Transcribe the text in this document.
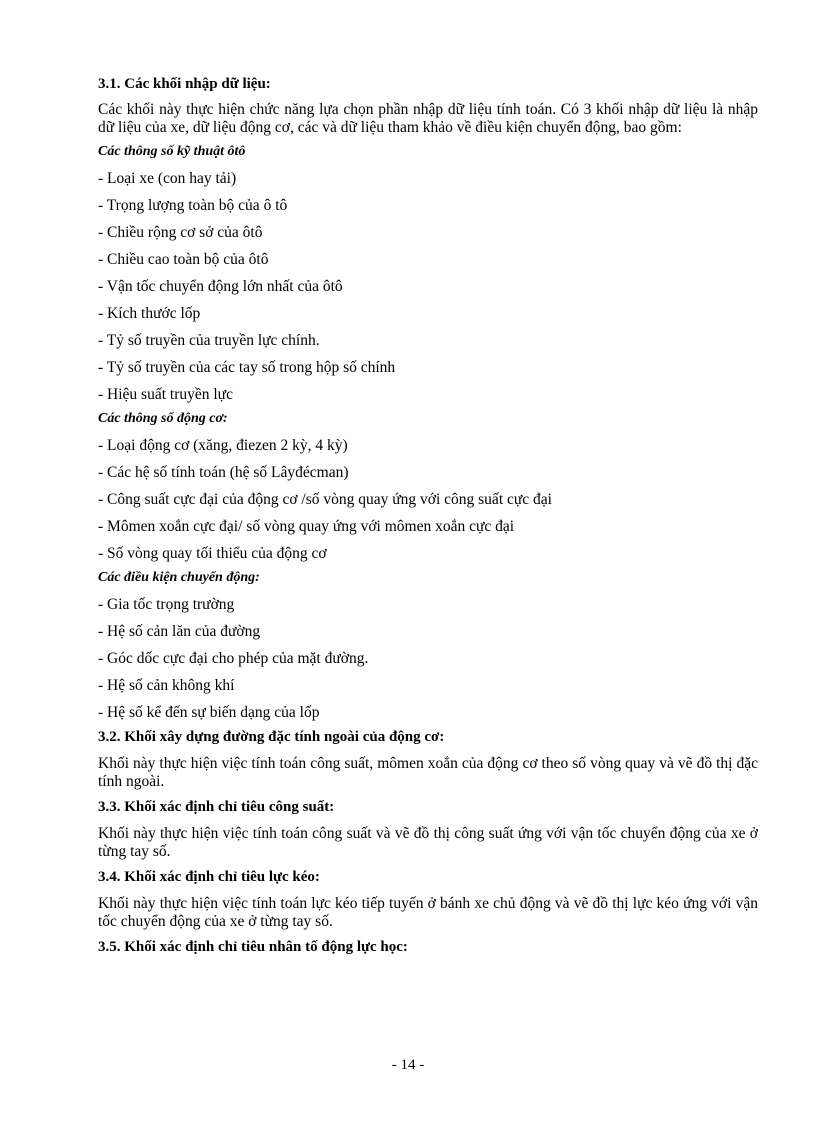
3.1. Các khối nhập dữ liệu:

Các khối này thực hiện chức năng lựa chọn phần nhập dữ liệu tính toán. Có 3 khối nhập dữ liệu là nhập dữ liệu của xe, dữ liệu động cơ, các và dữ liệu tham khảo về điều kiện chuyển động, bao gồm:

Các thông số kỹ thuật ôtô

- Loại xe (con hay tải)

- Trọng lượng toàn bộ của ô tô

- Chiều rộng cơ sở của ôtô

- Chiều cao toàn bộ của ôtô

- Vận tốc chuyển động lớn nhất của ôtô

- Kích thước lốp

- Tỷ số truyền của truyền lực chính.

- Tỷ số truyền của các tay số trong hộp số chính

- Hiệu suất truyền lực

Các thông số động cơ:

- Loại động cơ (xăng, điezen 2 kỳ, 4 kỳ)

- Các hệ số tính toán (hệ số Lâyđécman)

- Công suất cực đại của động cơ /số vòng quay ứng với công suất cực đại

- Mômen xoắn cực đại/ số vòng quay ứng với mômen xoắn cực đại

- Số vòng quay tối thiểu của động cơ

Các điều kiện chuyển động:

- Gia tốc trọng trường

- Hệ số cản lăn của đường

- Góc dốc cực đại cho phép của mặt đường.

- Hệ số cản không khí

- Hệ số kể đến sự biến dạng của lốp

3.2. Khối xây dựng đường đặc tính ngoài của động cơ:

Khối này thực hiện việc tính toán công suất, mômen xoắn của động cơ theo số vòng quay và vẽ đồ thị đặc tính ngoài.

3.3. Khối xác định chỉ tiêu công suất:

Khối này thực hiện việc tính toán công suất và vẽ đồ thị công suất ứng với vận tốc chuyển động của xe ở từng tay số.

3.4. Khối xác định chỉ tiêu lực kéo:

Khối này thực hiện việc tính toán lực kéo tiếp tuyến ở bánh xe chủ động và vẽ đồ thị lực kéo ứng với vận tốc chuyển động của xe ở từng tay số.

3.5. Khối xác định chỉ tiêu nhân tố động lực học:

- 14 -
